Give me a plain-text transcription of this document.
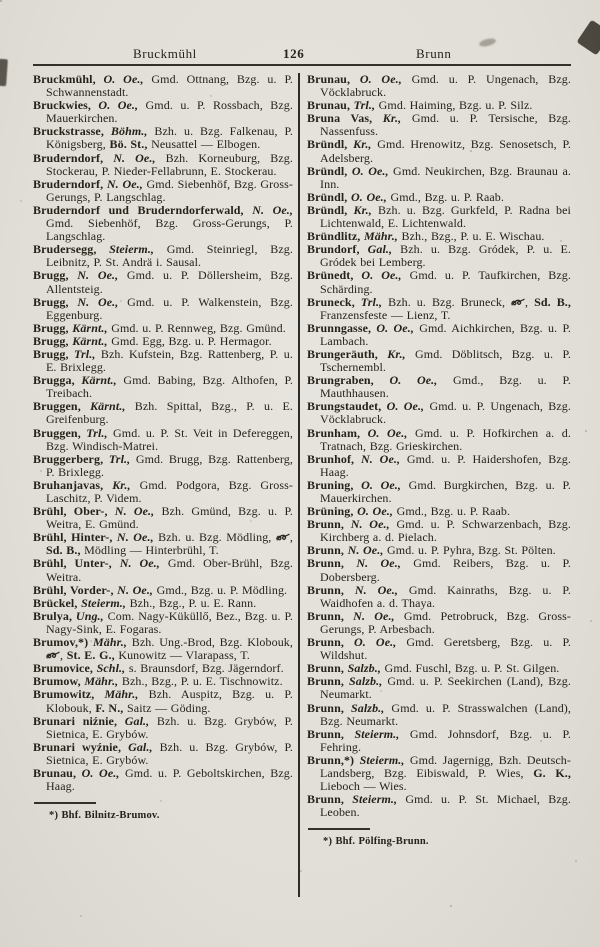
Bruckmühl	126	Brunn

Bruckmühl, O. Oe., Gmd. Ottnang, Bzg. u. P. Schwannenstadt.

Bruckwies, O. Oe., Gmd. u. P. Rossbach, Bzg. Mauerkirchen.

Bruckstrasse, Böhm., Bzh. u. Bzg. Falkenau, P. Königsberg, Bö. St., Neusattel — Elbogen.

Bruderndorf, N. Oe., Bzh. Korneuburg, Bzg. Stockerau, P. Nieder-Fellabrunn, E. Stockerau.

Bruderndorf, N. Oe., Gmd. Siebenhöf, Bzg. Gross-Gerungs, P. Langschlag.

Bruderndorf und Bruderndorferwald, N. Oe., Gmd. Siebenhöf, Bzg. Gross-Gerungs, P. Langschlag.

Brudersegg, Steierm., Gmd. Steinriegl, Bzg. Leibnitz, P. St. Andrä i. Sausal.

Brugg, N. Oe., Gmd. u. P. Döllersheim, Bzg. Allentsteig.

Brugg, N. Oe., Gmd. u. P. Walkenstein, Bzg. Eggenburg.

Brugg, Kärnt., Gmd. u. P. Rennweg, Bzg. Gmünd.

Brugg, Kärnt., Gmd. Egg, Bzg. u. P. Hermagor.

Brugg, Trl., Bzh. Kufstein, Bzg. Rattenberg, P. u. E. Brixlegg.

Brugga, Kärnt., Gmd. Babing, Bzg. Althofen, P. Treibach.

Bruggen, Kärnt., Bzh. Spittal, Bzg., P. u. E. Greifenburg.

Bruggen, Trl., Gmd. u. P. St. Veit in Defereggen, Bzg. Windisch-Matrei.

Bruggerberg, Trl., Gmd. Brugg, Bzg. Rattenberg, P. Brixlegg.

Bruhanjavas, Kr., Gmd. Podgora, Bzg. Gross-Laschitz, P. Videm.

Brühl, Ober-, N. Oe., Bzh. Gmünd, Bzg. u. P. Weitra, E. Gmünd.

Brühl, Hinter-, N. Oe., Bzh. u. Bzg. Mödling, , Sd. B., Mödling — Hinterbrühl, T.

Brühl, Unter-, N. Oe., Gmd. Ober-Brühl, Bzg. Weitra.

Brühl, Vorder-, N. Oe., Gmd., Bzg. u. P. Mödling.

Brückel, Steierm., Bzh., Bzg., P. u. E. Rann.

Brulya, Ung., Com. Nagy-Küküllő, Bez., Bzg. u. P. Nagy-Sink, E. Fogaras.

Brumov,*) Mähr., Bzh. Ung.-Brod, Bzg. Klobouk, , St. E. G., Kunowitz — Vlarapass, T.

Brumovice, Schl., s. Braunsdorf, Bzg. Jägerndorf.

Brumow, Mähr., Bzh., Bzg., P. u. E. Tischnowitz.

Brumowitz, Mähr., Bzh. Auspitz, Bzg. u. P. Klobouk, F. N., Saitz — Göding.

Brunari niźnie, Gal., Bzh. u. Bzg. Grybów, P. Sietnica, E. Grybów.

Brunari wyźnie, Gal., Bzh. u. Bzg. Grybów, P. Sietnica, E. Grybów.

Brunau, O. Oe., Gmd. u. P. Geboltskirchen, Bzg. Haag.

*) Bhf. Bilnitz-Brumov.

Brunau, O. Oe., Gmd. u. P. Ungenach, Bzg. Vöcklabruck.

Brunau, Trl., Gmd. Haiming, Bzg. u. P. Silz.

Bruna Vas, Kr., Gmd. u. P. Tersische, Bzg. Nassenfuss.

Bründl, Kr., Gmd. Hrenowitz, Bzg. Senosetsch, P. Adelsberg.

Bründl, O. Oe., Gmd. Neukirchen, Bzg. Braunau a. Inn.

Bründl, O. Oe., Gmd., Bzg. u. P. Raab.

Bründl, Kr., Bzh. u. Bzg. Gurkfeld, P. Radna bei Lichtenwald, E. Lichtenwald.

Bründlitz, Mähr., Bzh., Bzg., P. u. E. Wischau.

Brundorf, Gal., Bzh. u. Bzg. Gródek, P. u. E. Gródek bei Lemberg.

Brünedt, O. Oe., Gmd. u. P. Taufkirchen, Bzg. Schärding.

Bruneck, Trl., Bzh. u. Bzg. Bruneck, , Sd. B., Franzensfeste — Lienz, T.

Brunngasse, O. Oe., Gmd. Aichkirchen, Bzg. u. P. Lambach.

Brungeräuth, Kr., Gmd. Döblitsch, Bzg. u. P. Tschernembl.

Brungraben, O. Oe., Gmd., Bzg. u. P. Mauthhausen.

Brungstaudet, O. Oe., Gmd. u. P. Ungenach, Bzg. Vöcklabruck.

Brunham, O. Oe., Gmd. u. P. Hofkirchen a. d. Tratnach, Bzg. Grieskirchen.

Brunhof, N. Oe., Gmd. u. P. Haidershofen, Bzg. Haag.

Bruning, O. Oe., Gmd. Burgkirchen, Bzg. u. P. Mauerkirchen.

Brüning, O. Oe., Gmd., Bzg. u. P. Raab.

Brunn, N. Oe., Gmd. u. P. Schwarzenbach, Bzg. Kirchberg a. d. Pielach.

Brunn, N. Oe., Gmd. u. P. Pyhra, Bzg. St. Pölten.

Brunn, N. Oe., Gmd. Reibers, Bzg. u. P. Dobersberg.

Brunn, N. Oe., Gmd. Kainraths, Bzg. u. P. Waidhofen a. d. Thaya.

Brunn, N. Oe., Gmd. Petrobruck, Bzg. Gross-Gerungs, P. Arbesbach.

Brunn, O. Oe., Gmd. Geretsberg, Bzg. u. P. Wildshut.

Brunn, Salzb., Gmd. Fuschl, Bzg. u. P. St. Gilgen.

Brunn, Salzb., Gmd. u. P. Seekirchen (Land), Bzg. Neumarkt.

Brunn, Salzb., Gmd. u. P. Strasswalchen (Land), Bzg. Neumarkt.

Brunn, Steierm., Gmd. Johnsdorf, Bzg. u. P. Fehring.

Brunn,*) Steierm., Gmd. Jagernigg, Bzh. Deutsch-Landsberg, Bzg. Eibiswald, P. Wies, G. K., Lieboch — Wies.

Brunn, Steierm., Gmd. u. P. St. Michael, Bzg. Leoben.

*) Bhf. Pölfing-Brunn.
